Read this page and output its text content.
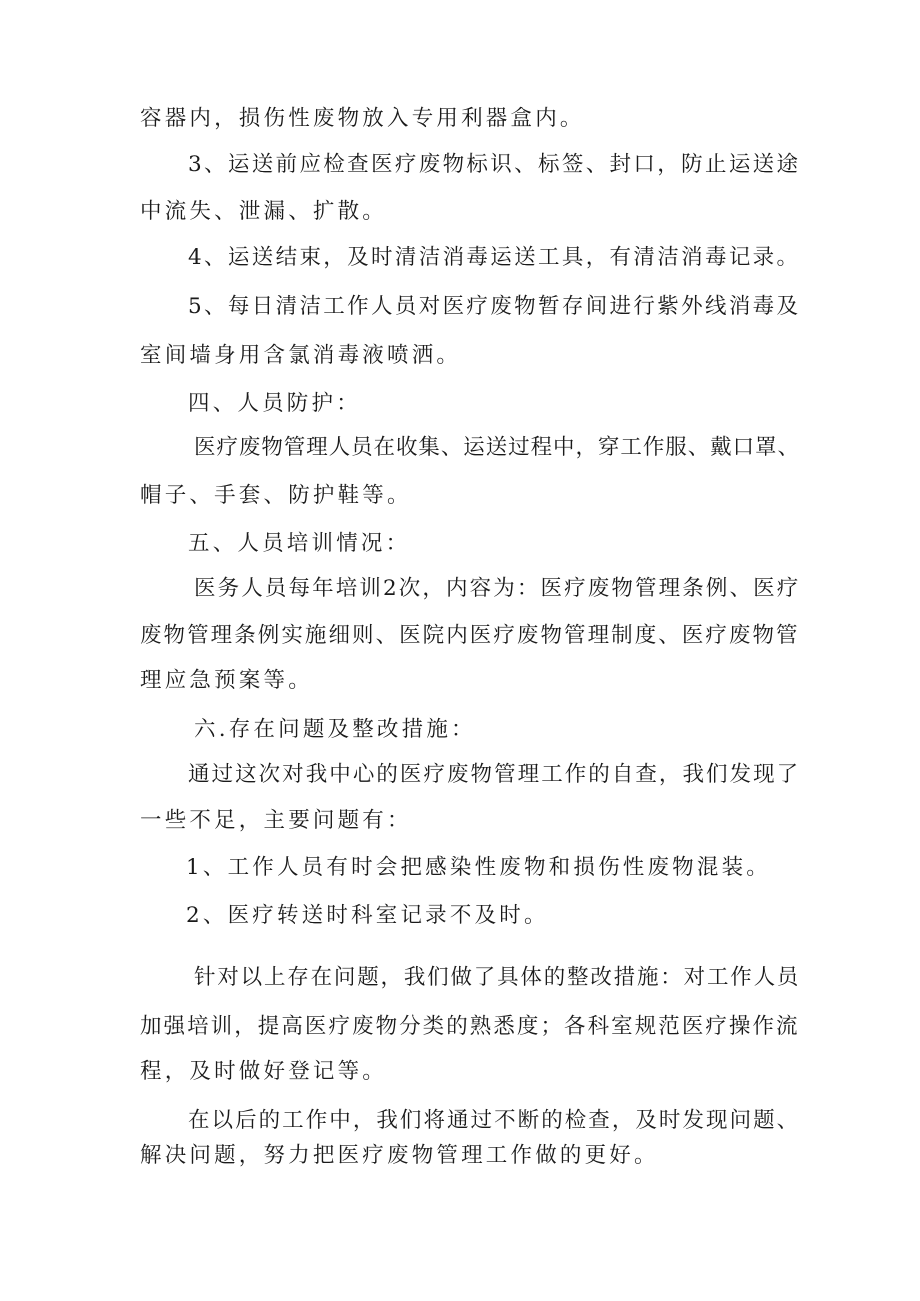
容器内，损伤性废物放入专用利器盒内。
3、运送前应检查医疗废物标识、标签、封口，防止运送途
中流失、泄漏、扩散。
4、运送结束，及时清洁消毒运送工具，有清洁消毒记录。
5、每日清洁工作人员对医疗废物暂存间进行紫外线消毒及
室间墙身用含氯消毒液喷洒。
四、人员防护：
医疗废物管理人员在收集、运送过程中，穿工作服、戴口罩、
帽子、手套、防护鞋等。
五、人员培训情况：
医务人员每年培训2次，内容为：医疗废物管理条例、医疗
废物管理条例实施细则、医院内医疗废物管理制度、医疗废物管
理应急预案等。
六.存在问题及整改措施：
通过这次对我中心的医疗废物管理工作的自查，我们发现了
一些不足，主要问题有：
1、工作人员有时会把感染性废物和损伤性废物混装。
2、医疗转送时科室记录不及时。
针对以上存在问题，我们做了具体的整改措施：对工作人员
加强培训，提高医疗废物分类的熟悉度；各科室规范医疗操作流
程，及时做好登记等。
在以后的工作中，我们将通过不断的检查，及时发现问题、
解决问题，努力把医疗废物管理工作做的更好。
